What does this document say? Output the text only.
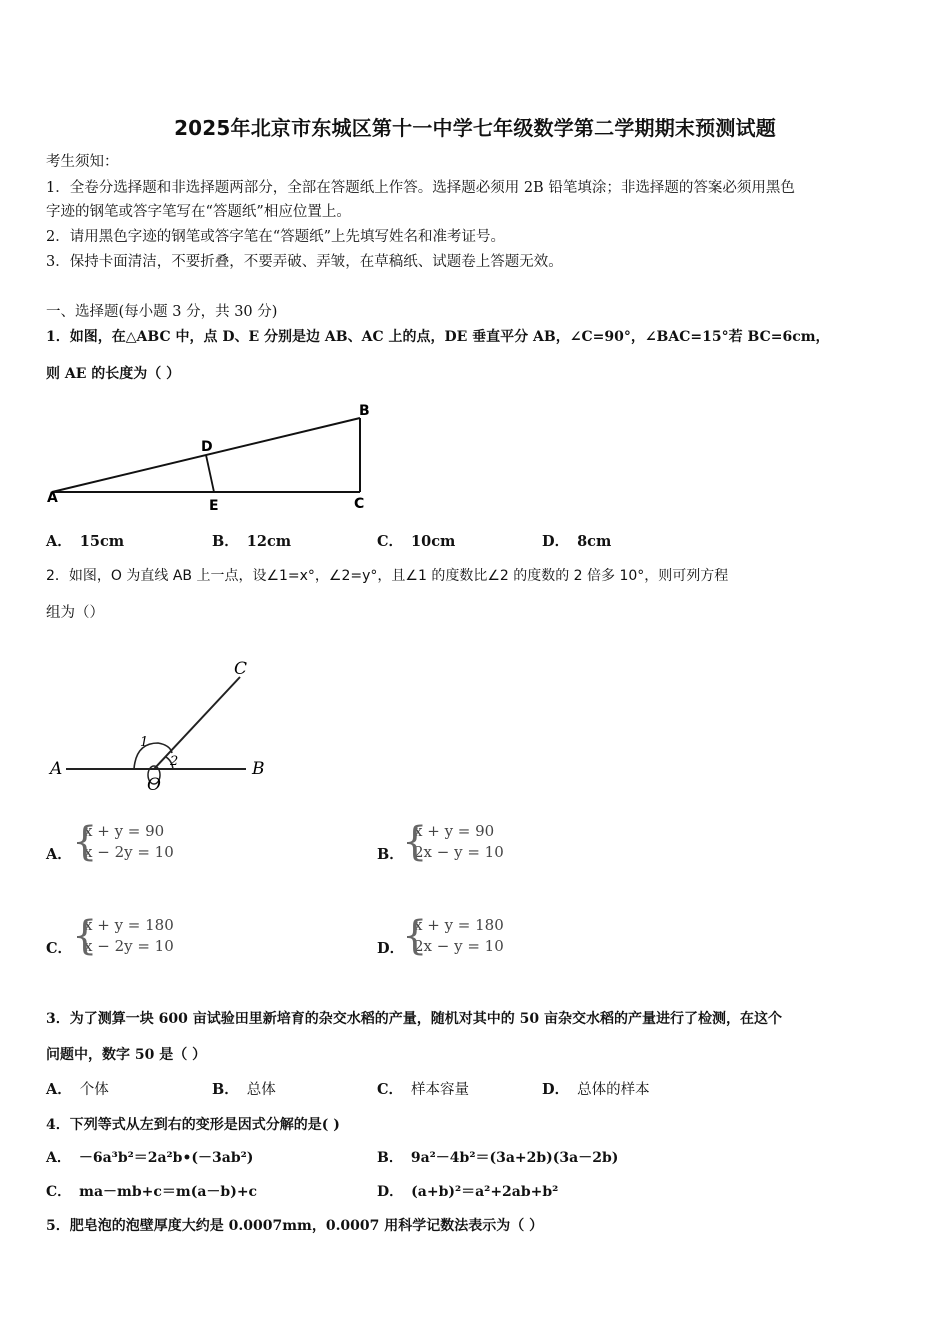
2025年北京市东城区第十一中学七年级数学第二学期期末预测试题
考生须知：
1．全卷分选择题和非选择题两部分，全部在答题纸上作答。选择题必须用 2B 铅笔填涂；非选择题的答案必须用黑色
字迹的钢笔或答字笔写在“答题纸”相应位置上。
2．请用黑色字迹的钢笔或答字笔在“答题纸”上先填写姓名和准考证号。
3．保持卡面清洁，不要折叠，不要弄破、弄皱，在草稿纸、试题卷上答题无效。
一、选择题(每小题 3 分，共 30 分)
1．如图，在△ABC 中，点 D、E 分别是边 AB、AC 上的点，DE 垂直平分 AB，∠C=90°，∠BAC=15°若 BC=6cm，
则 AE 的长度为（ ）
A
B
C
D
E
A． 15cm	B． 12cm	C． 10cm	D． 8cm
2．如图，O 为直线 AB 上一点，设∠1=x°，∠2=y°，且∠1 的度数比∠2 的度数的 2 倍多 10°，则可列方程
组为（）
A	B
C
O
1
2
A． {
x + y = 90
x − 2y = 10	B．
{
x + y = 90
2x − y = 10
C． {
x + y = 180
x − 2y = 10	D．
{
x + y = 180
2x − y = 10
3．为了测算一块 600 亩试验田里新培育的杂交水稻的产量，随机对其中的 50 亩杂交水稻的产量进行了检测，在这个
问题中，数字 50 是（ ）
A． 个体	B． 总体	C． 样本容量	D． 总体的样本
4．下列等式从左到右的变形是因式分解的是( )
A． －6a³b²＝2a²b•(－3ab²)	B． 9a²－4b²＝(3a+2b)(3a－2b)
C． ma－mb+c＝m(a－b)+c	D． (a+b)²＝a²+2ab+b²
5．肥皂泡的泡壁厚度大约是 0.0007mm，0.0007 用科学记数法表示为（ ）
